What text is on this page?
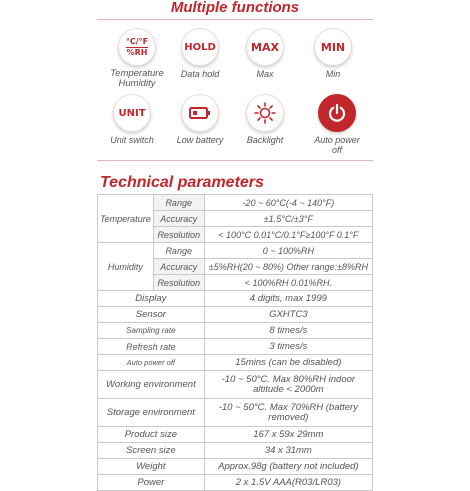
Multiple functions
°C/°F
%RH
Temperature Humidity
HOLD
Data hold
MAX
Max
MIN
Min
UNIT
Unit switch	Low battery	Backlight	Auto power off
Technical parameters
Temperature	Range	-20 ~ 60°C(-4 ~ 140°F)
	Accuracy	±1.5°C/±3°F
	Resolution	< 100°C 0.01°C/0.1°F≥100°F 0.1°F
Humidity	Range	0 ~ 100%RH
	Accuracy	±5%RH(20 ~ 80%) Other range:±8%RH
	Resolution	< 100%RH 0.01%RH.
Display		4 digits, max 1999
Sensor		GXHTC3
Sampling rate		8 times/s
Refresh rate		3 times/s
Auto power off		15mins (can be disabled)
Working environment		-10 ~ 50°C. Max 80%RH indoor altitude < 2000m
Storage environment		-10 ~ 50°C. Max 70%RH (battery removed)
Product size		167 x 59x 29mm
Screen size		34 x 31mm
Weight		Approx.98g (battery not included)
Power		2 x 1.5V AAA(R03/LR03)
